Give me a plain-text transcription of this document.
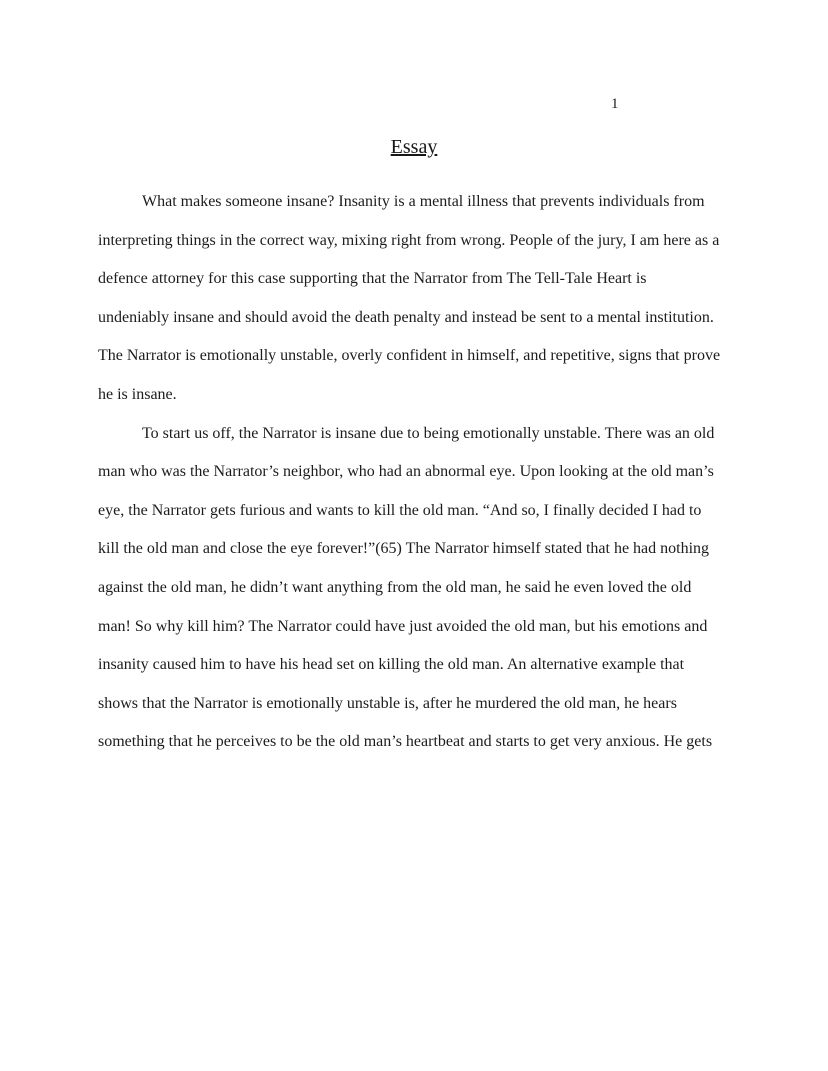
1
Essay
What makes someone insane? Insanity is a mental illness that prevents individuals from
interpreting things in the correct way, mixing right from wrong. People of the jury, I am here as a
defence attorney for this case supporting that the Narrator from The Tell-Tale Heart is
undeniably insane and should avoid the death penalty and instead be sent to a mental institution.
The Narrator is emotionally unstable, overly confident in himself, and repetitive, signs that prove
he is insane.
To start us off, the Narrator is insane due to being emotionally unstable. There was an old
man who was the Narrator’s neighbor, who had an abnormal eye. Upon looking at the old man’s
eye, the Narrator gets furious and wants to kill the old man. “And so, I finally decided I had to
kill the old man and close the eye forever!”(65) The Narrator himself stated that he had nothing
against the old man, he didn’t want anything from the old man, he said he even loved the old
man! So why kill him? The Narrator could have just avoided the old man, but his emotions and
insanity caused him to have his head set on killing the old man. An alternative example that
shows that the Narrator is emotionally unstable is, after he murdered the old man, he hears
something that he perceives to be the old man’s heartbeat and starts to get very anxious. He gets
